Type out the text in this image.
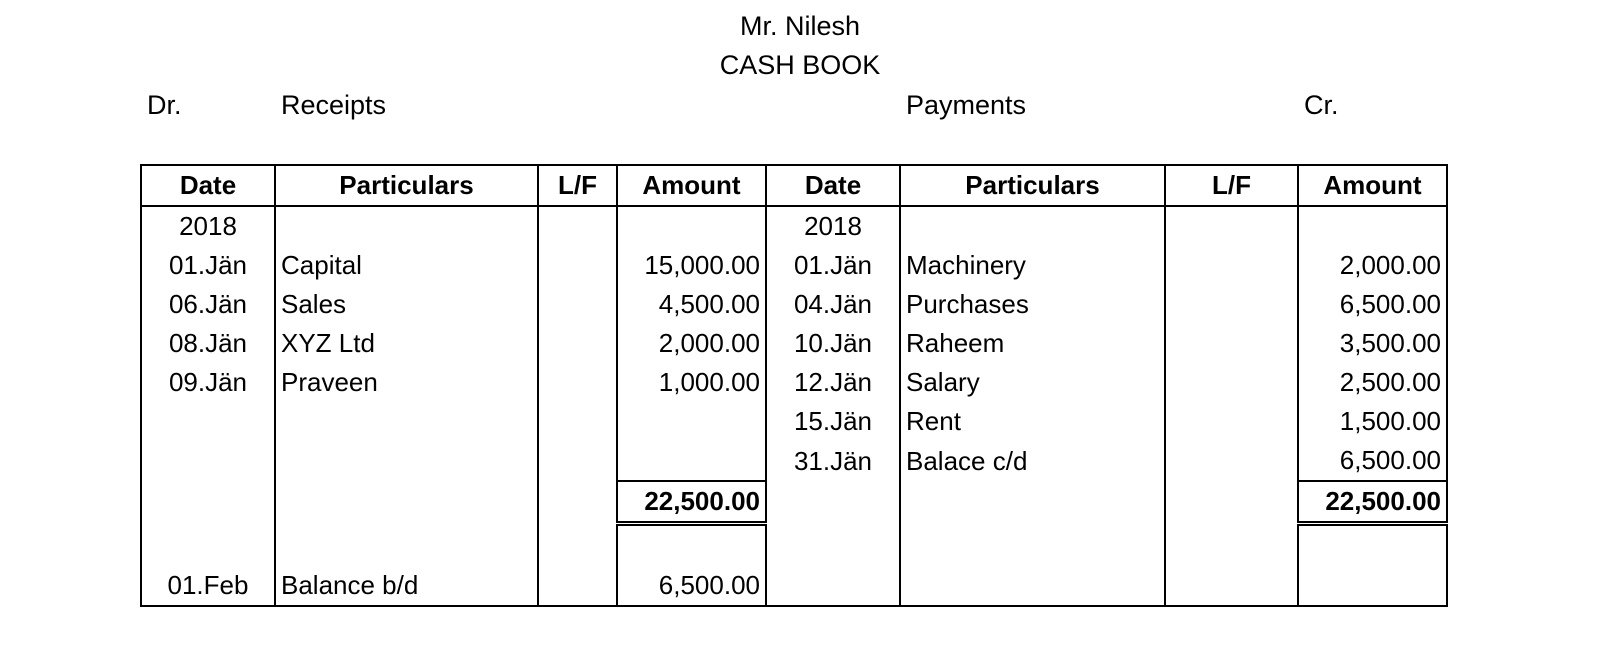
Mr. Nilesh
CASH BOOK
Dr.	Receipts	Payments	Cr.
Date	Particulars	L/F	Amount	Date	Particulars	L/F	Amount
2018				2018			
01.Jän	Capital		15,000.00	01.Jän	Machinery		2,000.00
06.Jän	Sales		4,500.00	04.Jän	Purchases		6,500.00
08.Jän	XYZ Ltd		2,000.00	10.Jän	Raheem		3,500.00
09.Jän	Praveen		1,000.00	12.Jän	Salary		2,500.00
				15.Jän	Rent		1,500.00
				31.Jän	Balace c/d		6,500.00
			22,500.00				22,500.00

01.Feb	Balance b/d		6,500.00				
